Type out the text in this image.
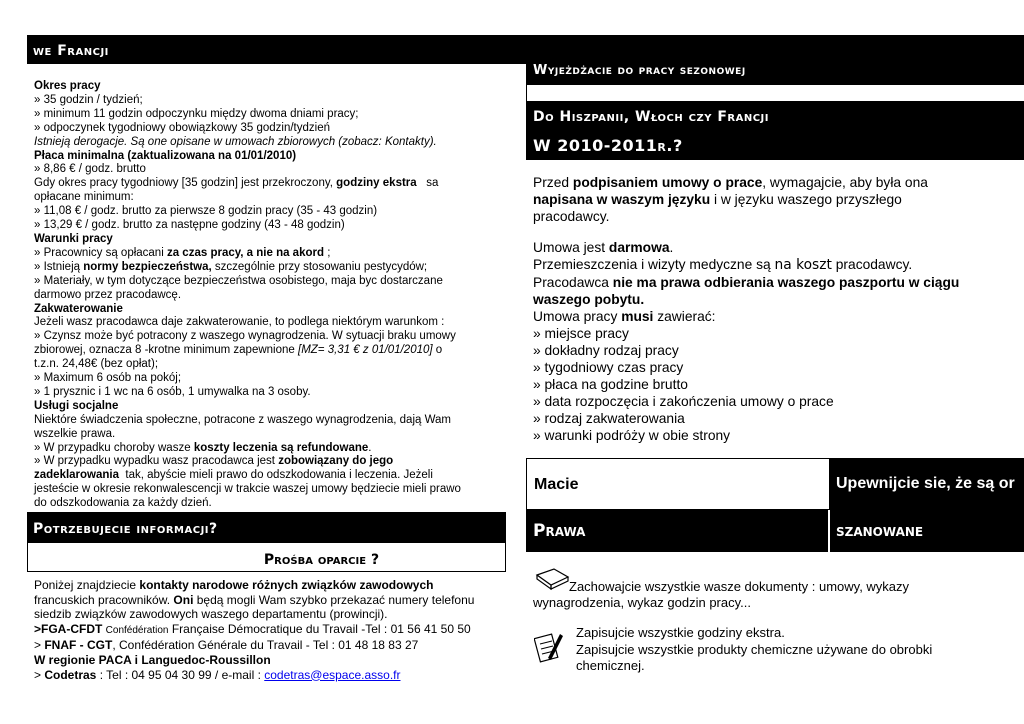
we Francji
Okres pracy
» 35 godzin / tydzień;
» minimum 11 godzin odpoczynku między dwoma dniami pracy;
» odpoczynek tygodniowy obowiązkowy 35 godzin/tydzień
Istnieją derogacje. Są one opisane w umowach zbiorowych (zobacz: Kontakty).
Płaca minimalna (zaktualizowana na 01/01/2010)
» 8,86 € / godz. brutto
Gdy okres pracy tygodniowy [35 godzin] jest przekroczony, godziny ekstra sa
opłacane minimum:
» 11,08 € / godz. brutto za pierwsze 8 godzin pracy (35 - 43 godzin)
» 13,29 € / godz. brutto za następne godziny (43 - 48 godzin)
Warunki pracy
» Pracownicy są opłacani za czas pracy, a nie na akord ;
» Istnieją normy bezpieczeństwa, szczególnie przy stosowaniu pestycydów;
» Materiały, w tym dotyczące bezpieczeństwa osobistego, maja byc dostarczane
darmowo przez pracodawcę.
Zakwaterowanie
Jeżeli wasz pracodawca daje zakwaterowanie, to podlega niektórym warunkom :
» Czynsz może być potracony z waszego wynagrodzenia. W sytuacji braku umowy
zbiorowej, oznacza 8 -krotne minimum zapewnione [MZ= 3,31 € z 01/01/2010] o
t.z.n. 24,48€ (bez opłat);
» Maximum 6 osób na pokój;
» 1 prysznic i 1 wc na 6 osób, 1 umywalka na 3 osoby.
Usługi socjalne
Niektóre świadczenia społeczne, potracone z waszego wynagrodzenia, dają Wam
wszelkie prawa.
» W przypadku choroby wasze koszty leczenia są refundowane.
» W przypadku wypadku wasz pracodawca jest zobowiązany do jego
zadeklarowania tak, abyście mieli prawo do odszkodowania i leczenia. Jeżeli
jesteście w okresie rekonwalescencji w trakcie waszej umowy będziecie mieli prawo
do odszkodowania za każdy dzień.
Potrzebujecie informacji?
Prośba oparcie ?
Poniżej znajdziecie kontakty narodowe różnych związków zawodowych
francuskich pracowników. Oni będą mogli Wam szybko przekazać numery telefonu
siedzib związków zawodowych waszego departamentu (prowincji).
>FGA-CFDT Confédération Française Démocratique du Travail -Tel : 01 56 41 50 50
> FNAF - CGT, Confédération Générale du Travail - Tel : 01 48 18 83 27
W regionie PACA i Languedoc-Roussillon
> Codetras : Tel : 04 95 04 30 99 / e-mail : codetras@espace.asso.fr
Wyjeżdżacie do pracy sezonowej
Do Hiszpanii, Włoch czy Francji
W 2010-2011r.?
Przed podpisaniem umowy o prace, wymagajcie, aby była ona
napisana w waszym języku i w języku waszego przyszłego
pracodawcy.
Umowa jest darmowa.
Przemieszczenia i wizyty medyczne są na koszt pracodawcy.
Pracodawca nie ma prawa odbierania waszego paszportu w ciągu
waszego pobytu.
Umowa pracy musi zawierać:
» miejsce pracy
» dokładny rodzaj pracy
» tygodniowy czas pracy
» płaca na godzine brutto
» data rozpoczęcia i zakończenia umowy o prace
» rodzaj zakwaterowania
» warunki podróży w obie strony
Macie	Upewnijcie sie, że są or
Prawa	szanowane
Zachowajcie wszystkie wasze dokumenty : umowy, wykazy
wynagrodzenia, wykaz godzin pracy...
Zapisujcie wszystkie godziny ekstra.
Zapisujcie wszystkie produkty chemiczne używane do obrobki
chemicznej.
